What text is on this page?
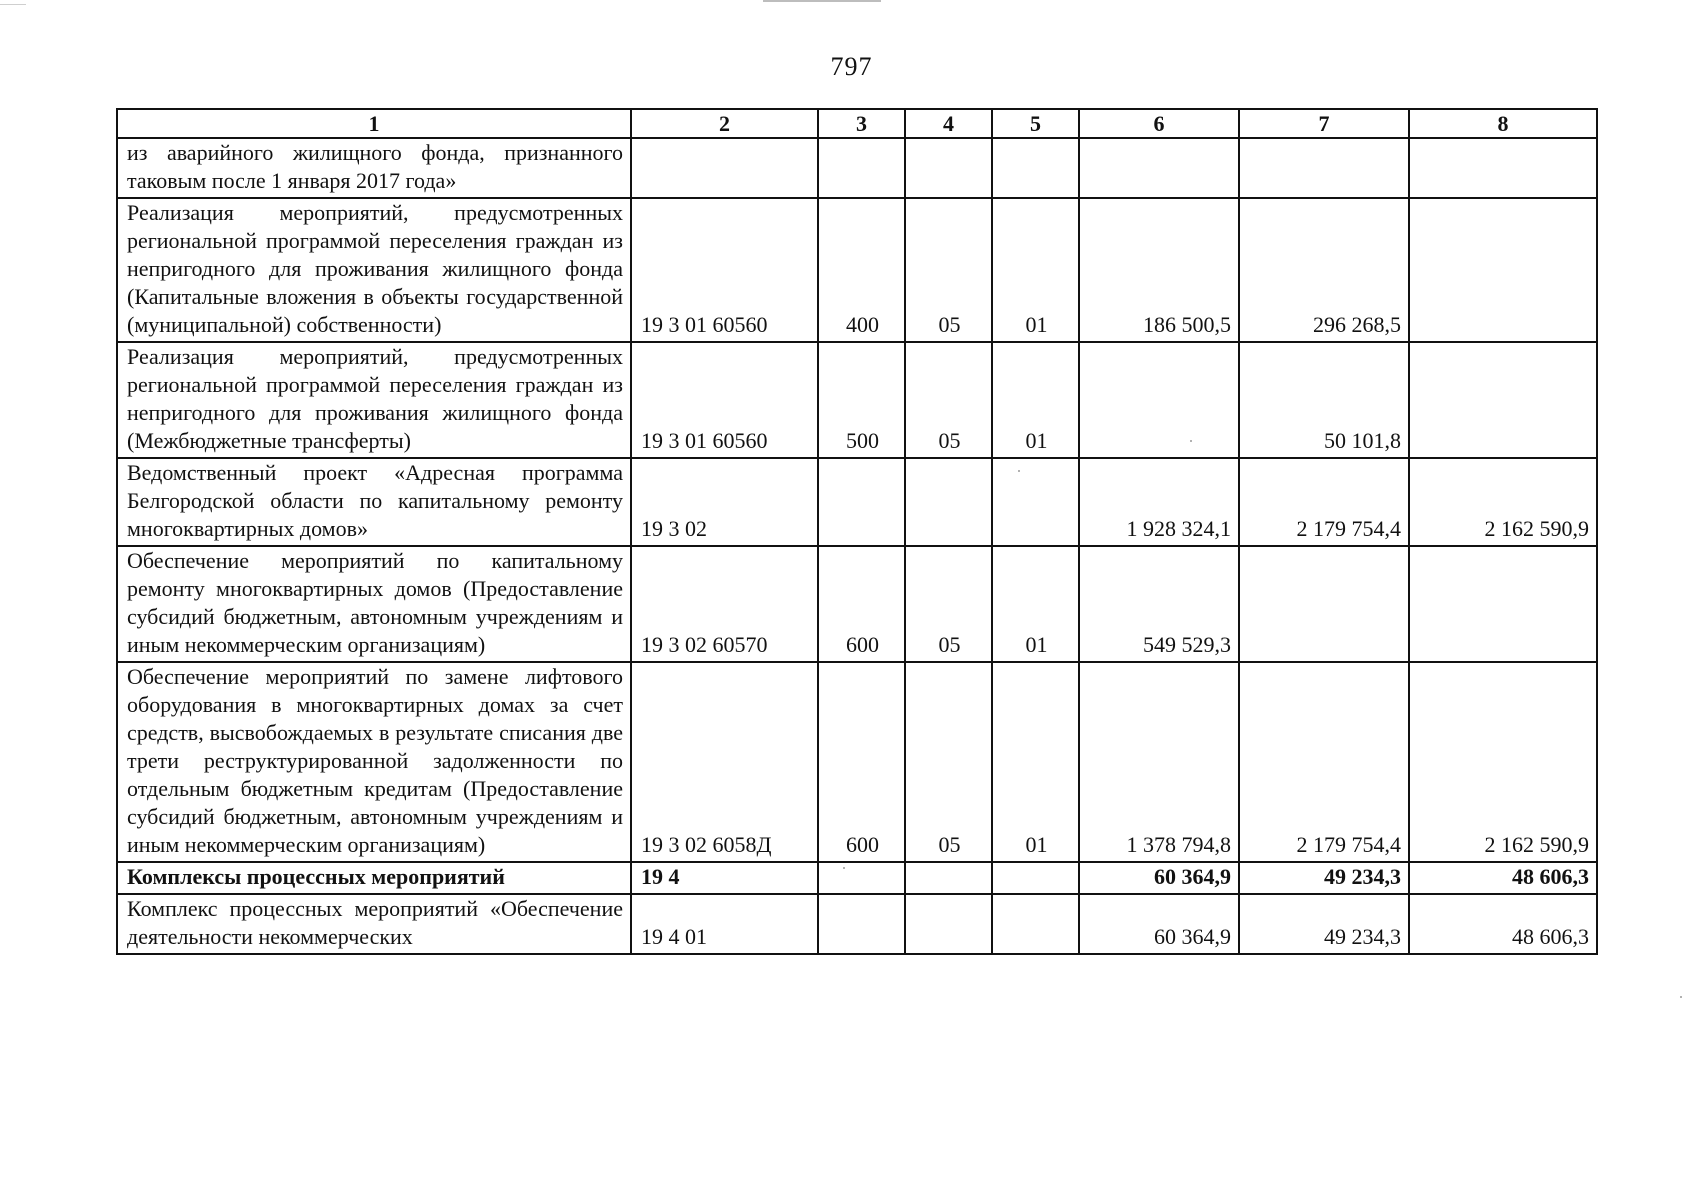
797
1	2	3	4	5	6	7	8
из аварийного жилищного фонда, признанного таковым после 1 января 2017 года»							
Реализация мероприятий, предусмотренных региональной программой переселения граждан из непригодного для проживания жилищного фонда (Капитальные вложения в объекты государственной (муниципальной) собственности)	19 3 01 60560	400	05	01	186 500,5	296 268,5	
Реализация мероприятий, предусмотренных региональной программой переселения граждан из непригодного для проживания жилищного фонда (Межбюджетные трансферты)	19 3 01 60560	500	05	01		50 101,8	
Ведомственный проект «Адресная программа Белгородской области по капитальному ремонту многоквартирных домов»	19 3 02				1 928 324,1	2 179 754,4	2 162 590,9
Обеспечение мероприятий по капитальному ремонту многоквартирных домов (Предоставление субсидий бюджетным, автономным учреждениям и иным некоммерческим организациям)	19 3 02 60570	600	05	01	549 529,3		
Обеспечение мероприятий по замене лифтового оборудования в многоквартирных домах за счет средств, высвобождаемых в результате списания две трети реструктурированной задолженности по отдельным бюджетным кредитам (Предоставление субсидий бюджетным, автономным учреждениям и иным некоммерческим организациям)	19 3 02 6058Д	600	05	01	1 378 794,8	2 179 754,4	2 162 590,9
Комплексы процессных мероприятий	19 4				60 364,9	49 234,3	48 606,3
Комплекс процессных мероприятий «Обеспечение деятельности некоммерческих	19 4 01				60 364,9	49 234,3	48 606,3
